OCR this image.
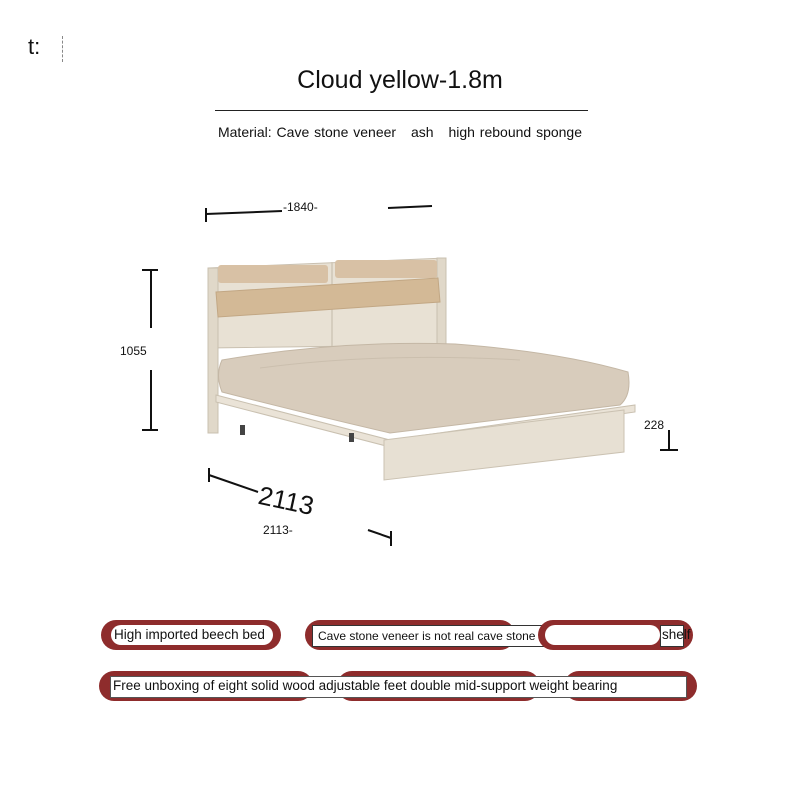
t:
Cloud yellow-1.8m
Material: Cave stone veneer ash high rebound sponge
-1840-
1055
228
2113
2113-
High imported beech bed	Cave stone veneer is not real cave stone	shelf
Free unboxing of eight solid wood adjustable feet double mid-support weight bearing
